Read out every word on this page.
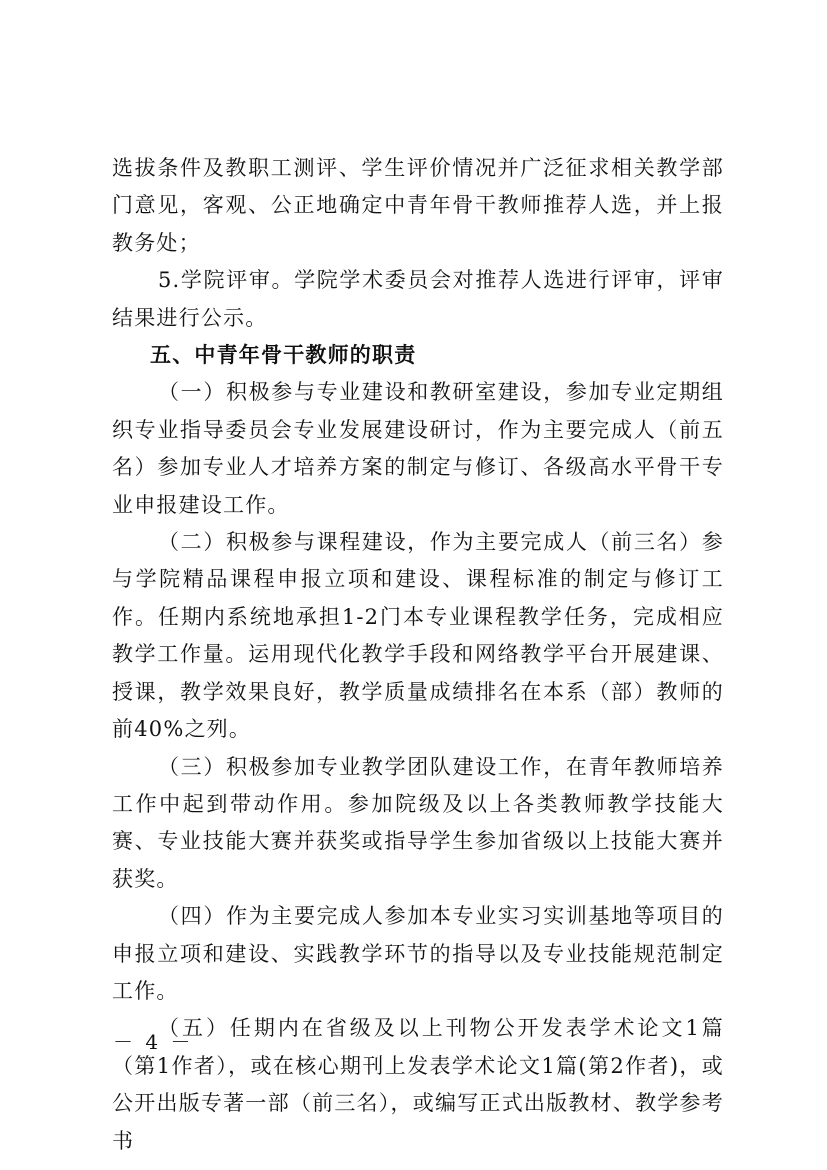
选拔条件及教职工测评、学生评价情况并广泛征求相关教学部门意见，客观、公正地确定中青年骨干教师推荐人选，并上报教务处；

5.学院评审。学院学术委员会对推荐人选进行评审，评审结果进行公示。

五、中青年骨干教师的职责

（一）积极参与专业建设和教研室建设，参加专业定期组织专业指导委员会专业发展建设研讨，作为主要完成人（前五名）参加专业人才培养方案的制定与修订、各级高水平骨干专业申报建设工作。

（二）积极参与课程建设，作为主要完成人（前三名）参与学院精品课程申报立项和建设、课程标准的制定与修订工作。任期内系统地承担1-2门本专业课程教学任务，完成相应教学工作量。运用现代化教学手段和网络教学平台开展建课、授课，教学效果良好，教学质量成绩排名在本系（部）教师的前40%之列。

（三）积极参加专业教学团队建设工作，在青年教师培养工作中起到带动作用。参加院级及以上各类教师教学技能大赛、专业技能大赛并获奖或指导学生参加省级以上技能大赛并获奖。

（四）作为主要完成人参加本专业实习实训基地等项目的申报立项和建设、实践教学环节的指导以及专业技能规范制定工作。

（五）任期内在省级及以上刊物公开发表学术论文1篇（第1作者），或在核心期刊上发表学术论文1篇(第2作者)，或公开出版专著一部（前三名），或编写正式出版教材、教学参考书

－ 4 －
